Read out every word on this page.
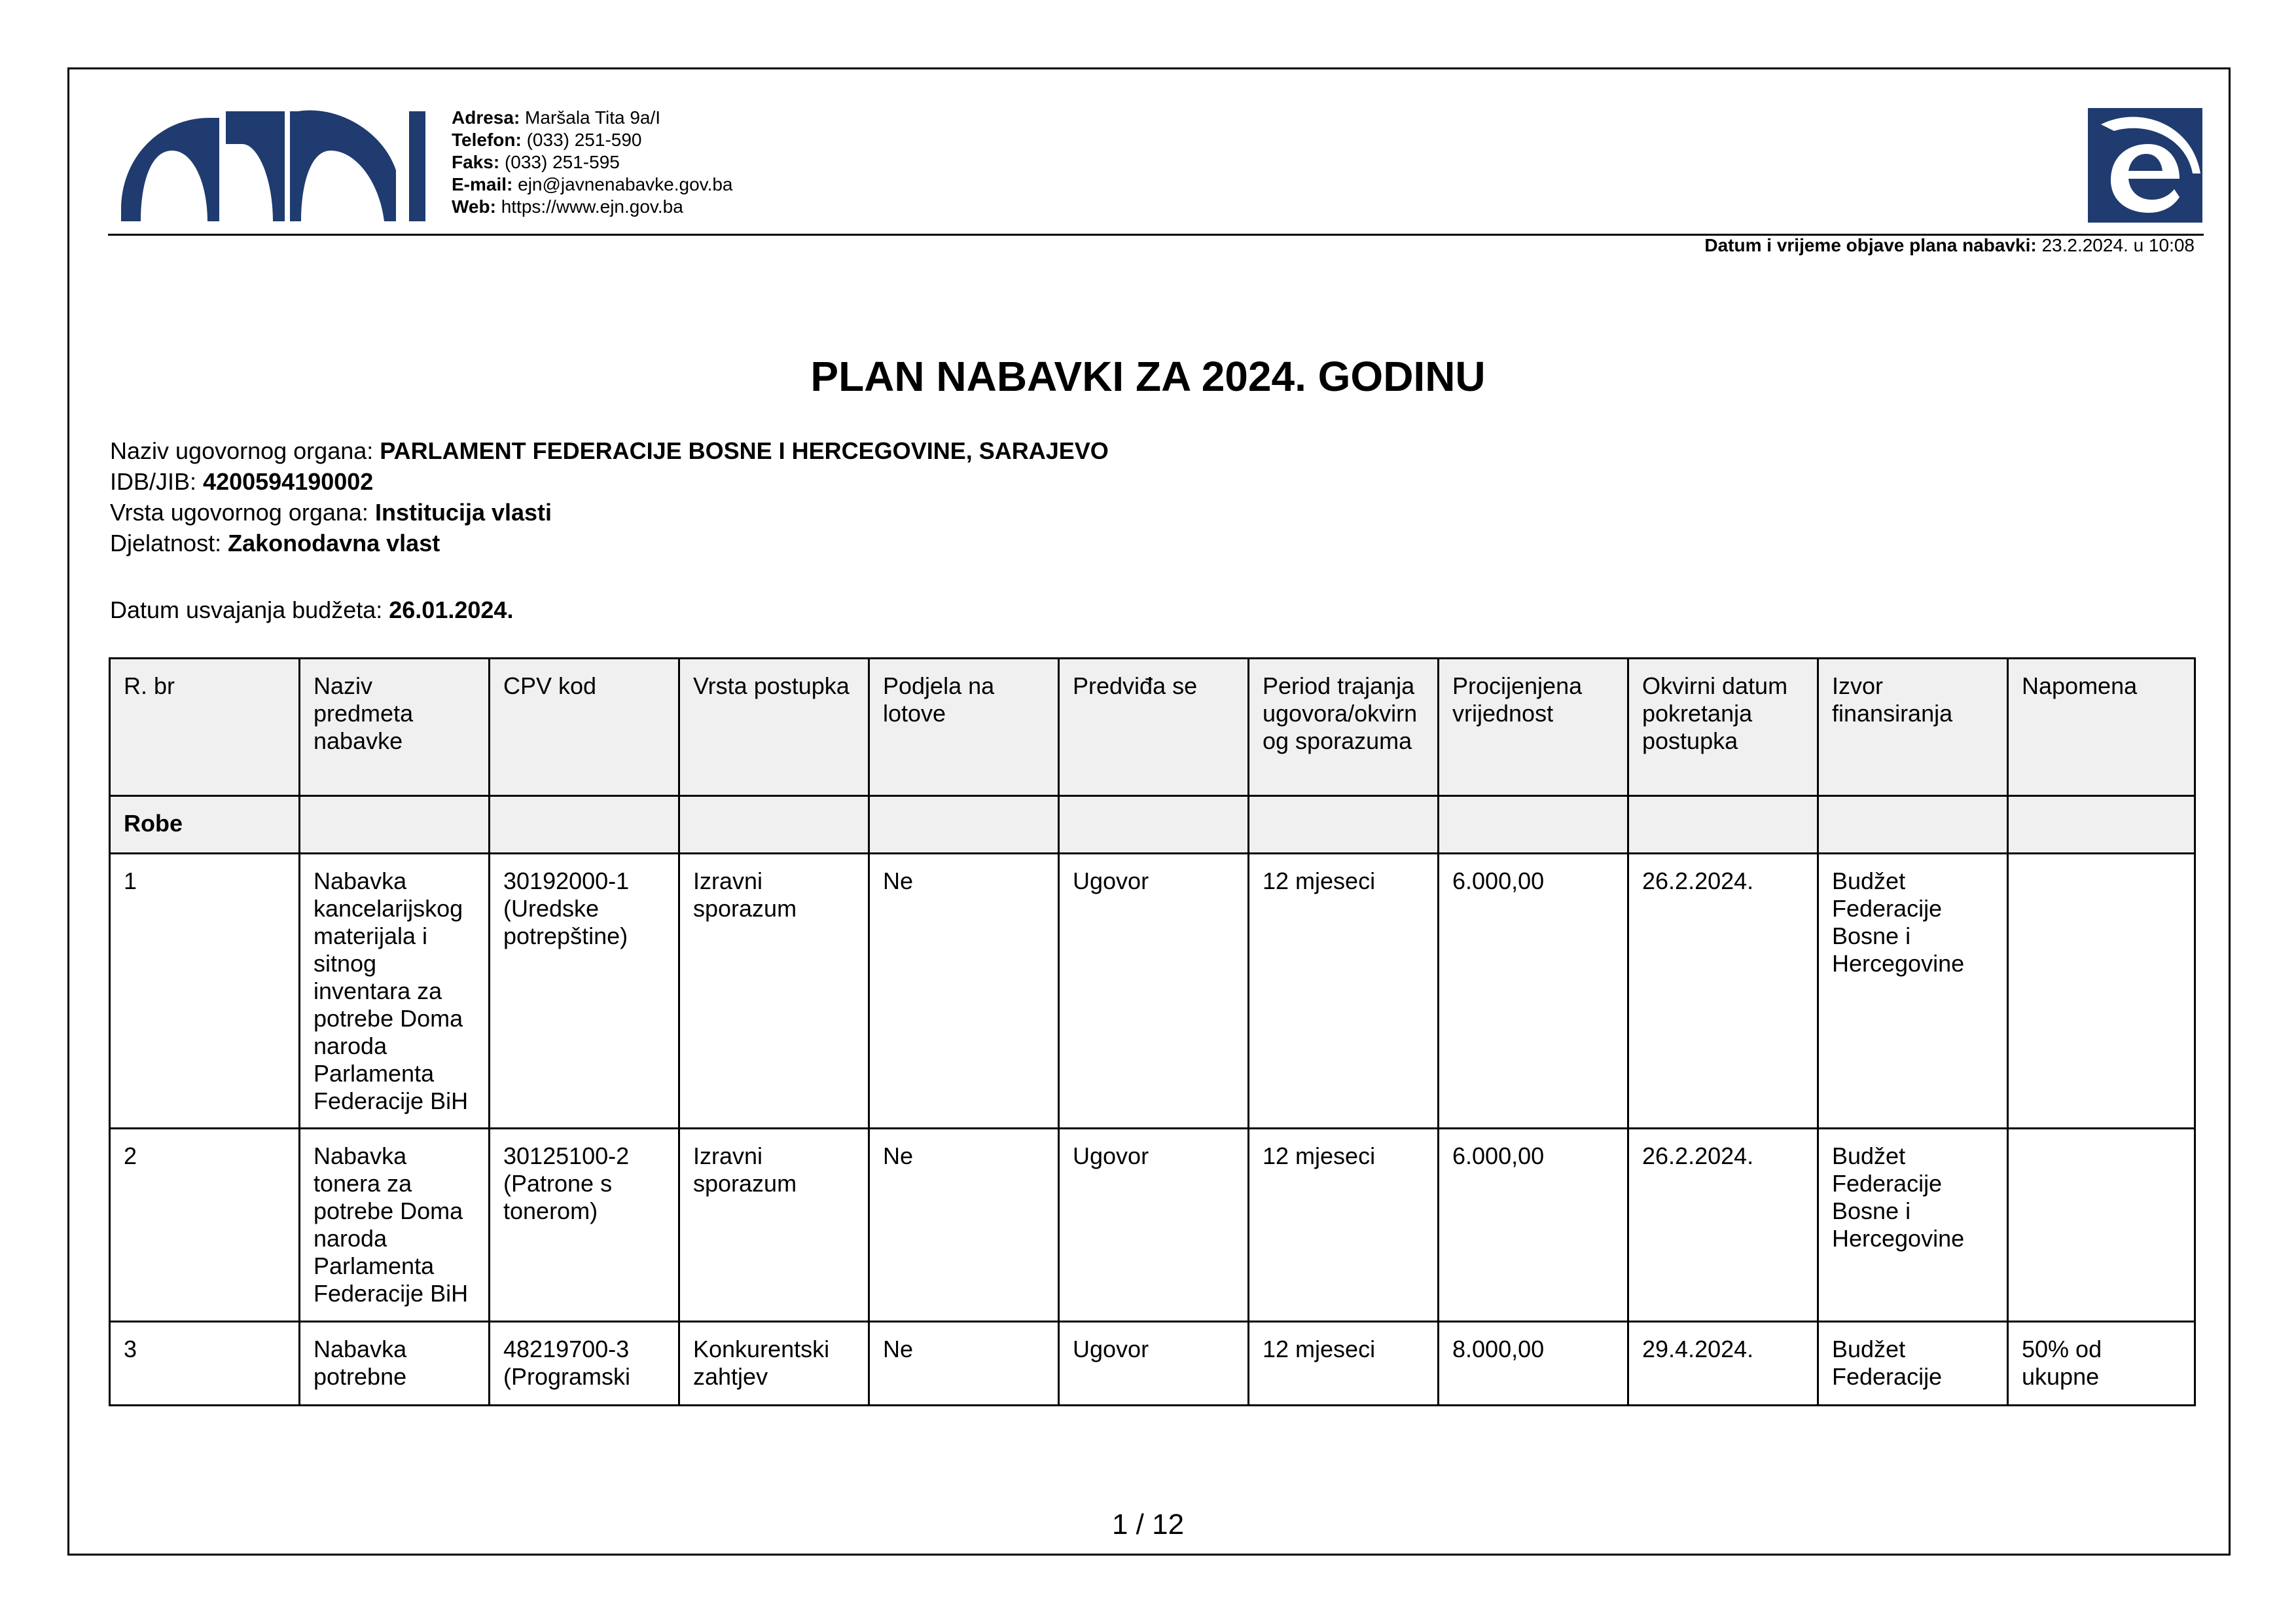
Adresa: Maršala Tita 9a/I
Telefon: (033) 251-590
Faks: (033) 251-595
E-mail: ejn@javnenabavke.gov.ba
Web: https://www.ejn.gov.ba
Datum i vrijeme objave plana nabavki: 23.2.2024. u 10:08
PLAN NABAVKI ZA 2024. GODINU
Naziv ugovornog organa: PARLAMENT FEDERACIJE BOSNE I HERCEGOVINE, SARAJEVO
IDB/JIB: 4200594190002
Vrsta ugovornog organa: Institucija vlasti
Djelatnost: Zakonodavna vlast
Datum usvajanja budžeta: 26.01.2024.
R. br	Naziv predmeta nabavke	CPV kod	Vrsta postupka	Podjela na lotove	Predviđa se	Period trajanja ugovora/okvirnog sporazuma	Procijenjena vrijednost	Okvirni datum pokretanja postupka	Izvor finansiranja	Napomena
Robe										
1	Nabavka kancelarijskog materijala i sitnog inventara za potrebe Doma naroda Parlamenta Federacije BiH	30192000-1 (Uredske potrepštine)	Izravni sporazum	Ne	Ugovor	12 mjeseci	6.000,00	26.2.2024.	Budžet Federacije Bosne i Hercegovine	
2	Nabavka tonera za potrebe Doma naroda Parlamenta Federacije BiH	30125100-2 (Patrone s tonerom)	Izravni sporazum	Ne	Ugovor	12 mjeseci	6.000,00	26.2.2024.	Budžet Federacije Bosne i Hercegovine	
3	Nabavka potrebne	48219700-3 (Programski	Konkurentski zahtjev	Ne	Ugovor	12 mjeseci	8.000,00	29.4.2024.	Budžet Federacije	50% od ukupne
1 / 12
